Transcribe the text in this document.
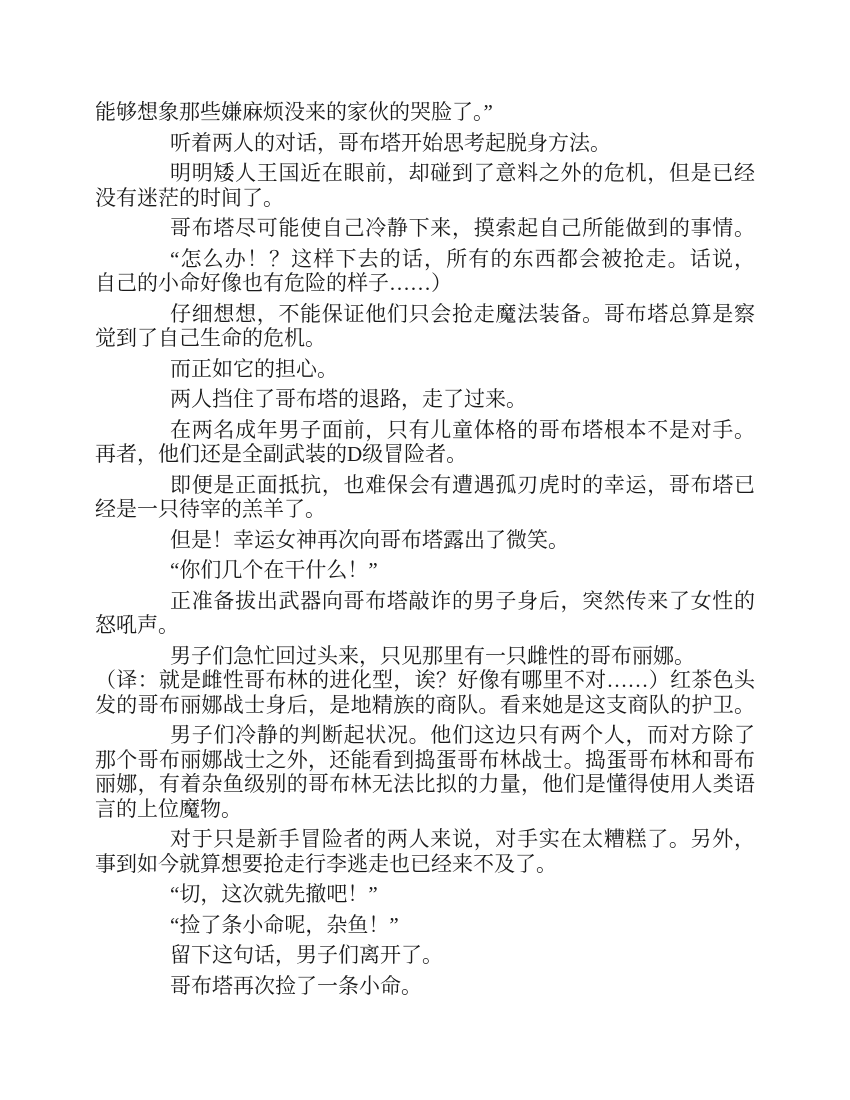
能够想象那些嫌麻烦没来的家伙的哭脸了。”

听着两人的对话，哥布塔开始思考起脱身方法。

明明矮人王国近在眼前，却碰到了意料之外的危机，但是已经
没有迷茫的时间了。

哥布塔尽可能使自己冷静下来，摸索起自己所能做到的事情。

“怎么办！？这样下去的话，所有的东西都会被抢走。话说，
自己的小命好像也有危险的样子……）

仔细想想，不能保证他们只会抢走魔法装备。哥布塔总算是察
觉到了自己生命的危机。

而正如它的担心。

两人挡住了哥布塔的退路，走了过来。

在两名成年男子面前，只有儿童体格的哥布塔根本不是对手。
再者，他们还是全副武装的D级冒险者。

即便是正面抵抗，也难保会有遭遇孤刃虎时的幸运，哥布塔已
经是一只待宰的羔羊了。

但是！幸运女神再次向哥布塔露出了微笑。

“你们几个在干什么！”

正准备拔出武器向哥布塔敲诈的男子身后，突然传来了女性的
怒吼声。

男子们急忙回过头来，只见那里有一只雌性的哥布丽娜。
（译：就是雌性哥布林的进化型，诶？好像有哪里不对……）红茶色头
发的哥布丽娜战士身后，是地精族的商队。看来她是这支商队的护卫。

男子们冷静的判断起状况。他们这边只有两个人，而对方除了
那个哥布丽娜战士之外，还能看到捣蛋哥布林战士。捣蛋哥布林和哥布
丽娜，有着杂鱼级别的哥布林无法比拟的力量，他们是懂得使用人类语
言的上位魔物。

对于只是新手冒险者的两人来说，对手实在太糟糕了。另外，
事到如今就算想要抢走行李逃走也已经来不及了。

“切，这次就先撤吧！”

“捡了条小命呢，杂鱼！”

留下这句话，男子们离开了。

哥布塔再次捡了一条小命。
